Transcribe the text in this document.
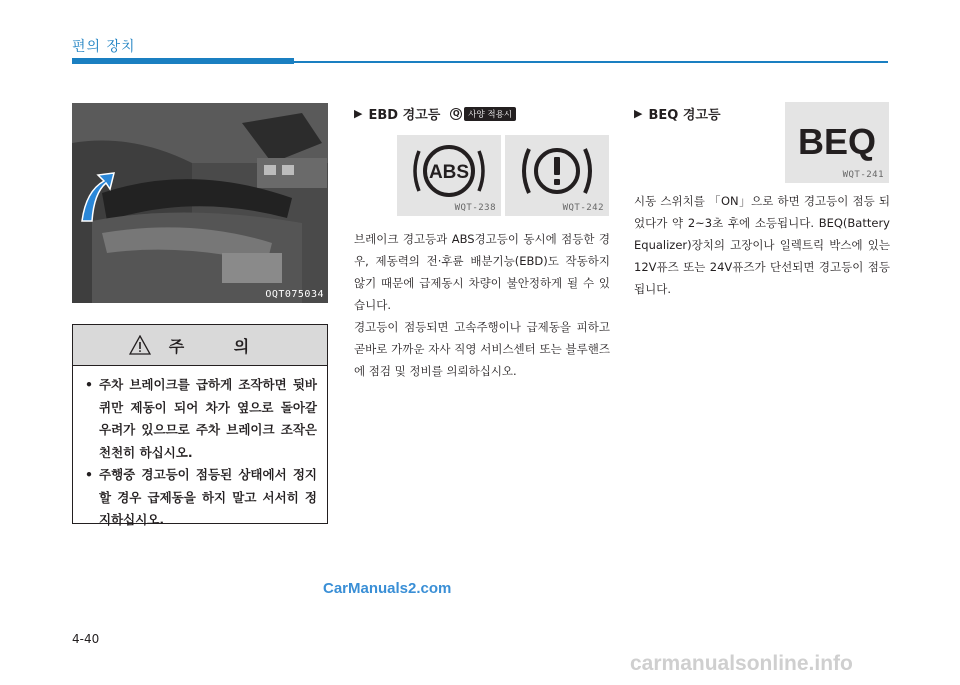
편의 장치
OQT075034
주 의
• 주차 브레이크를 급하게 조작하면 뒷바퀴만 제동이 되어 차가 옆으로 돌아갈 우려가 있으므로 주차 브레이크 조작은 천천히 하십시오.
• 주행중 경고등이 점등된 상태에서 정지할 경우 급제동을 하지 말고 서서히 정지하십시오.
▶ EBD 경고등	Q	사양 적용시
ABS
WQT-238	WQT-242
브레이크 경고등과 ABS경고등이 동시에 점등한 경우, 제동력의 전·후륜 배분기능(EBD)도 작동하지 않기 때문에 급제동시 차량이 불안정하게 될 수 있습니다.
경고등이 점등되면 고속주행이나 급제동을 피하고 곧바로 가까운 자사 직영 서비스센터 또는 블루핸즈에 점검 및 정비를 의뢰하십시오.
▶ BEQ 경고등
BEQ
WQT-241
시동 스위치를 「ON」으로 하면 경고등이 점등 되었다가 약 2~3초 후에 소등됩니다. BEQ(Battery Equalizer)장치의 고장이나 일렉트릭 박스에 있는 12V퓨즈 또는 24V퓨즈가 단선되면 경고등이 점등됩니다.
CarManuals2.com
4-40
carmanualsonline.info
